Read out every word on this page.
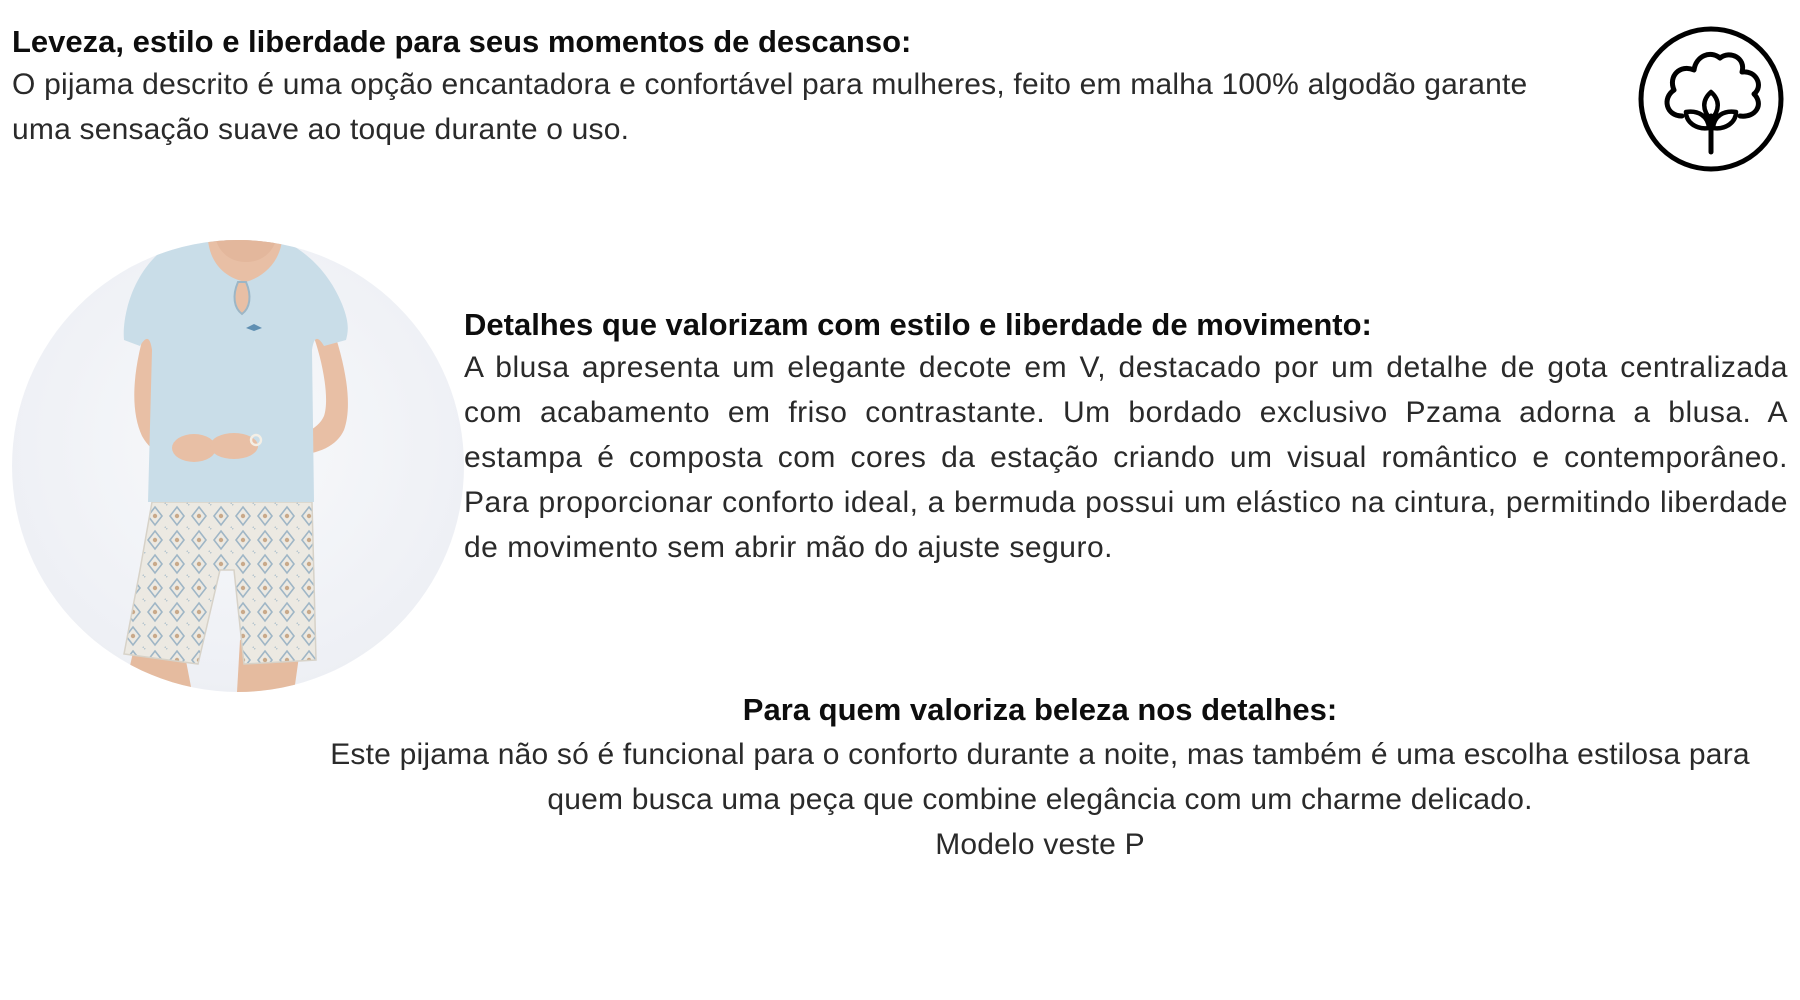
Leveza, estilo e liberdade para seus momentos de descanso:

O pijama descrito é uma opção encantadora e confortável para mulheres, feito em malha 100% algodão garante uma sensação suave ao toque durante o uso.

Detalhes que valorizam com estilo e liberdade de movimento:

A blusa apresenta um elegante decote em V, destacado por um detalhe de gota centralizada com acabamento em friso contrastante. Um bordado exclusivo Pzama adorna a blusa. A estampa é composta com cores da estação criando um visual romântico e contemporâneo. Para proporcionar conforto ideal, a bermuda possui um elástico na cintura, permitindo liberdade de movimento sem abrir mão do ajuste seguro.

Para quem valoriza beleza nos detalhes:

Este pijama não só é funcional para o conforto durante a noite, mas também é uma escolha estilosa para quem busca uma peça que combine elegância com um charme delicado.

Modelo veste P
